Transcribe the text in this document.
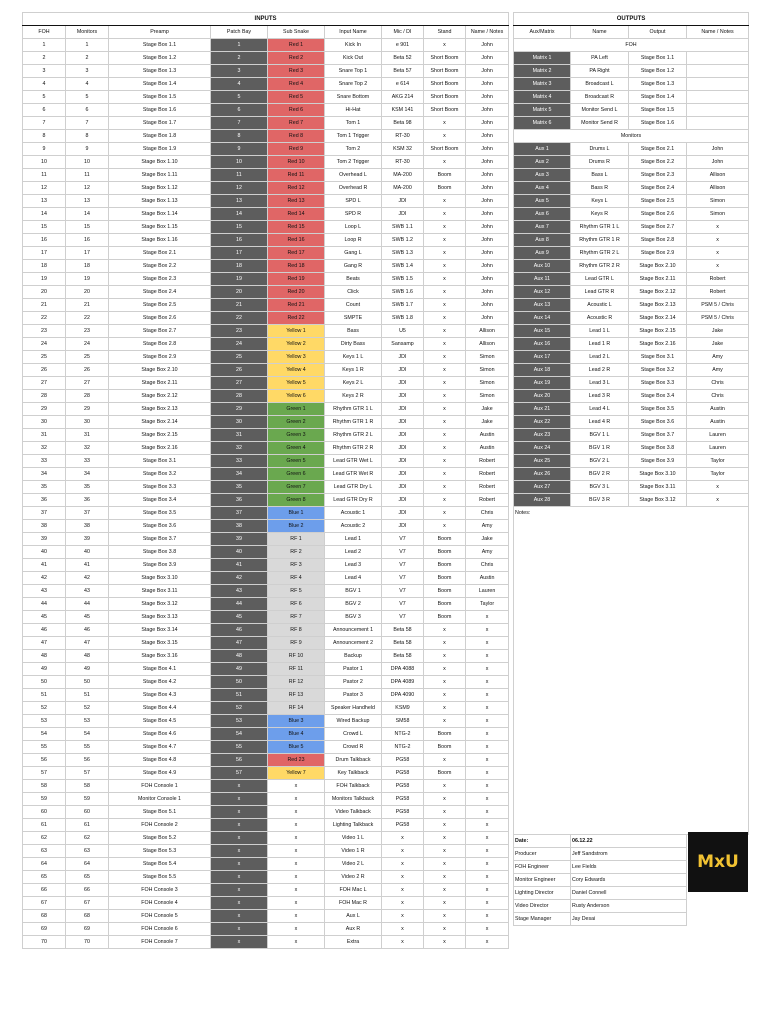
INPUTS								
FOH	Monitors	Preamp	Patch Bay	Sub Snake	Input Name	Mic / DI	Stand	Name / Notes
1	1	Stage Box 1.1	1	Red 1	Kick In	e 901	x	John
2	2	Stage Box 1.2	2	Red 2	Kick Out	Beta 52	Short Boom	John
3	3	Stage Box 1.3	3	Red 3	Snare Top 1	Beta 57	Short Boom	John
4	4	Stage Box 1.4	4	Red 4	Snare Top 2	e 614	Short Boom	John
5	5	Stage Box 1.5	5	Red 5	Snare Bottom	AKG 214	Short Boom	John
6	6	Stage Box 1.6	6	Red 6	Hi-Hat	KSM 141	Short Boom	John
7	7	Stage Box 1.7	7	Red 7	Tom 1	Beta 98	x	John
8	8	Stage Box 1.8	8	Red 8	Tom 1 Trigger	RT-30	x	John
9	9	Stage Box 1.9	9	Red 9	Tom 2	KSM 32	Short Boom	John
10	10	Stage Box 1.10	10	Red 10	Tom 2 Trigger	RT-30	x	John
11	11	Stage Box 1.11	11	Red 11	Overhead L	MA-200	Boom	John
12	12	Stage Box 1.12	12	Red 12	Overhead R	MA-200	Boom	John
13	13	Stage Box 1.13	13	Red 13	SPD L	JDI	x	John
14	14	Stage Box 1.14	14	Red 14	SPD R	JDI	x	John
15	15	Stage Box 1.15	15	Red 15	Loop L	SWB 1.1	x	John
16	16	Stage Box 1.16	16	Red 16	Loop R	SWB 1.2	x	John
17	17	Stage Box 2.1	17	Red 17	Gang L	SWB 1.3	x	John
18	18	Stage Box 2.2	18	Red 18	Gang R	SWB 1.4	x	John
19	19	Stage Box 2.3	19	Red 19	Beats	SWB 1.5	x	John
20	20	Stage Box 2.4	20	Red 20	Click	SWB 1.6	x	John
21	21	Stage Box 2.5	21	Red 21	Count	SWB 1.7	x	John
22	22	Stage Box 2.6	22	Red 22	SMPTE	SWB 1.8	x	John
23	23	Stage Box 2.7	23	Yellow 1	Bass	U5	x	Allison
24	24	Stage Box 2.8	24	Yellow 2	Dirty Bass	Sansamp	x	Allison
25	25	Stage Box 2.9	25	Yellow 3	Keys 1 L	JDI	x	Simon
26	26	Stage Box 2.10	26	Yellow 4	Keys 1 R	JDI	x	Simon
27	27	Stage Box 2.11	27	Yellow 5	Keys 2 L	JDI	x	Simon
28	28	Stage Box 2.12	28	Yellow 6	Keys 2 R	JDI	x	Simon
29	29	Stage Box 2.13	29	Green 1	Rhythm GTR 1 L	JDI	x	Jake
30	30	Stage Box 2.14	30	Green 2	Rhythm GTR 1 R	JDI	x	Jake
31	31	Stage Box 2.15	31	Green 3	Rhythm GTR 2 L	JDI	x	Austin
32	32	Stage Box 2.16	32	Green 4	Rhythm GTR 2 R	JDI	x	Austin
33	33	Stage Box 3.1	33	Green 5	Lead GTR Wet L	JDI	x	Robert
34	34	Stage Box 3.2	34	Green 6	Lead GTR Wet R	JDI	x	Robert
35	35	Stage Box 3.3	35	Green 7	Lead GTR Dry L	JDI	x	Robert
36	36	Stage Box 3.4	36	Green 8	Lead GTR Dry R	JDI	x	Robert
37	37	Stage Box 3.5	37	Blue 1	Acoustic 1	JDI	x	Chris
38	38	Stage Box 3.6	38	Blue 2	Acoustic 2	JDI	x	Amy
39	39	Stage Box 3.7	39	RF 1	Lead 1	V7	Boom	Jake
40	40	Stage Box 3.8	40	RF 2	Lead 2	V7	Boom	Amy
41	41	Stage Box 3.9	41	RF 3	Lead 3	V7	Boom	Chris
42	42	Stage Box 3.10	42	RF 4	Lead 4	V7	Boom	Austin
43	43	Stage Box 3.11	43	RF 5	BGV 1	V7	Boom	Lauren
44	44	Stage Box 3.12	44	RF 6	BGV 2	V7	Boom	Taylor
45	45	Stage Box 3.13	45	RF 7	BGV 3	V7	Boom	x
46	46	Stage Box 3.14	46	RF 8	Announcement 1	Beta 58	x	x
47	47	Stage Box 3.15	47	RF 9	Announcement 2	Beta 58	x	x
48	48	Stage Box 3.16	48	RF 10	Backup	Beta 58	x	x
49	49	Stage Box 4.1	49	RF 11	Pastor 1	DPA 4088	x	x
50	50	Stage Box 4.2	50	RF 12	Pastor 2	DPA 4089	x	x
51	51	Stage Box 4.3	51	RF 13	Pastor 3	DPA 4090	x	x
52	52	Stage Box 4.4	52	RF 14	Speaker Handheld	KSM9	x	x
53	53	Stage Box 4.5	53	Blue 3	Wired Backup	SM58	x	x
54	54	Stage Box 4.6	54	Blue 4	Crowd L	NTG-2	Boom	x
55	55	Stage Box 4.7	55	Blue 5	Crowd R	NTG-2	Boom	x
56	56	Stage Box 4.8	56	Red 23	Drum Talkback	PG58	x	x
57	57	Stage Box 4.9	57	Yellow 7	Key Talkback	PG58	Boom	x
58	58	FOH Console 1	x	x	FOH Talkback	PG58	x	x
59	59	Monitor Console 1	x	x	Monitors Talkback	PG58	x	x
60	60	Stage Box 5.1	x	x	Video Talkback	PG58	x	x
61	61	FOH Console 2	x	x	Lighting Talkback	PG58	x	x
62	62	Stage Box 5.2	x	x	Video 1 L	x	x	x
63	63	Stage Box 5.3	x	x	Video 1 R	x	x	x
64	64	Stage Box 5.4	x	x	Video 2 L	x	x	x
65	65	Stage Box 5.5	x	x	Video 2 R	x	x	x
66	66	FOH Console 3	x	x	FOH Mac L	x	x	x
67	67	FOH Console 4	x	x	FOH Mac R	x	x	x
68	68	FOH Console 5	x	x	Aux L	x	x	x
69	69	FOH Console 6	x	x	Aux R	x	x	x
70	70	FOH Console 7	x	x	Extra	x	x	x
OUTPUTS			
Aux/Matrix	Name	Output	Name / Notes
FOH			
Matrix 1	PA Left	Stage Box 1.1	
Matrix 2	PA Right	Stage Box 1.2	
Matrix 3	Broadcast L	Stage Box 1.3	
Matrix 4	Broadcast R	Stage Box 1.4	
Matrix 5	Monitor Send L	Stage Box 1.5	
Matrix 6	Monitor Send R	Stage Box 1.6	
Monitors			
Aux 1	Drums L	Stage Box 2.1	John
Aux 2	Drums R	Stage Box 2.2	John
Aux 3	Bass L	Stage Box 2.3	Allison
Aux 4	Bass R	Stage Box 2.4	Allison
Aux 5	Keys L	Stage Box 2.5	Simon
Aux 6	Keys R	Stage Box 2.6	Simon
Aux 7	Rhythm GTR 1 L	Stage Box 2.7	x
Aux 8	Rhythm GTR 1 R	Stage Box 2.8	x
Aux 9	Rhythm GTR 2 L	Stage Box 2.9	x
Aux 10	Rhythm GTR 2 R	Stage Box 2.10	x
Aux 11	Lead GTR L	Stage Box 2.11	Robert
Aux 12	Lead GTR R	Stage Box 2.12	Robert
Aux 13	Acoustic L	Stage Box 2.13	PSM 5 / Chris
Aux 14	Acoustic R	Stage Box 2.14	PSM 5 / Chris
Aux 15	Lead 1 L	Stage Box 2.15	Jake
Aux 16	Lead 1 R	Stage Box 2.16	Jake
Aux 17	Lead 2 L	Stage Box 3.1	Amy
Aux 18	Lead 2 R	Stage Box 3.2	Amy
Aux 19	Lead 3 L	Stage Box 3.3	Chris
Aux 20	Lead 3 R	Stage Box 3.4	Chris
Aux 21	Lead 4 L	Stage Box 3.5	Austin
Aux 22	Lead 4 R	Stage Box 3.6	Austin
Aux 23	BGV 1 L	Stage Box 3.7	Lauren
Aux 24	BGV 1 R	Stage Box 3.8	Lauren
Aux 25	BGV 2 L	Stage Box 3.9	Taylor
Aux 26	BGV 2 R	Stage Box 3.10	Taylor
Aux 27	BGV 3 L	Stage Box 3.11	x
Aux 28	BGV 3 R	Stage Box 3.12	x
Notes:			
Date:	06.12.22		
Producer	Jeff Sandstrom		
FOH Engineer	Lee Fields		
Monitor Engineer	Cory Edwards		
Lighting Director	Daniel Connell		
Video Director	Rusty Anderson		
Stage Manager	Jay Desai		
MxU
